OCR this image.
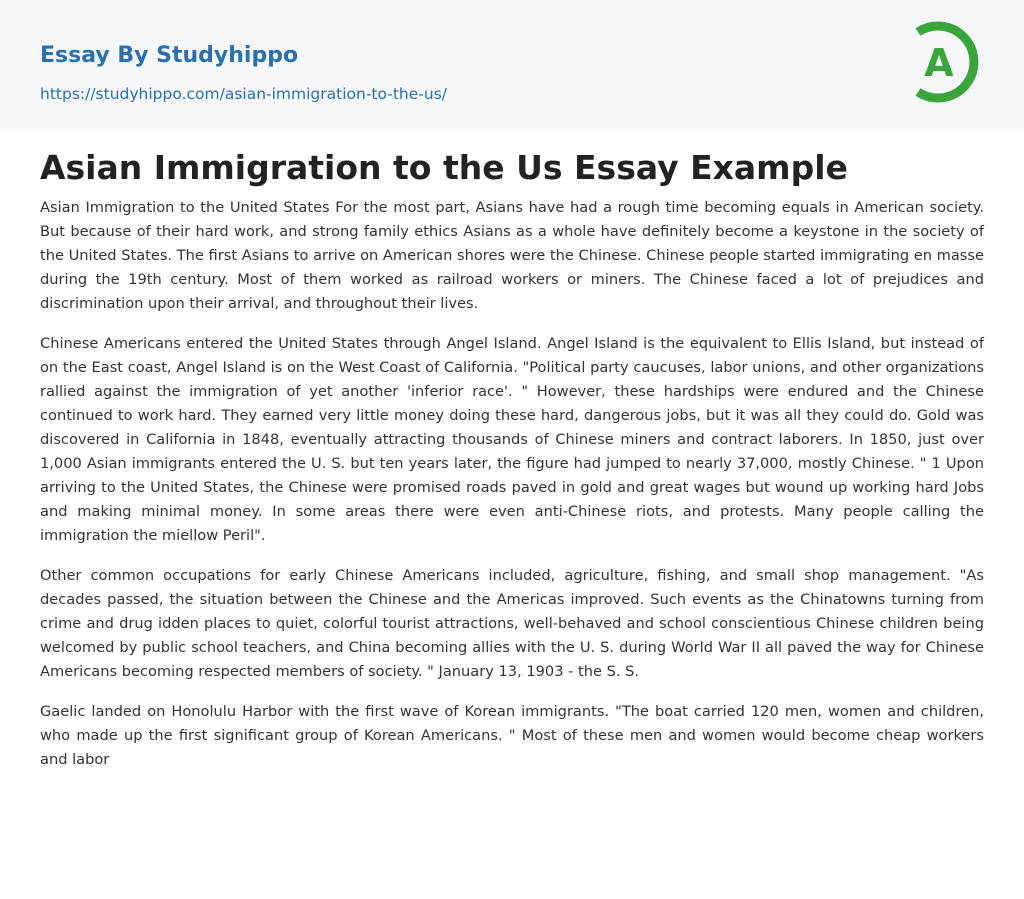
Essay By Studyhippo
https://studyhippo.com/asian-immigration-to-the-us/
A
Asian Immigration to the Us Essay Example

Asian Immigration to the United States For the most part, Asians have had a rough time becoming equals in American society. But because of their hard work, and strong family ethics Asians as a whole have definitely become a keystone in the society of the United States. The first Asians to arrive on American shores were the Chinese. Chinese people started immigrating en masse during the 19th century. Most of them worked as railroad workers or miners. The Chinese faced a lot of prejudices and discrimination upon their arrival, and throughout their lives.

Chinese Americans entered the United States through Angel Island. Angel Island is the equivalent to Ellis Island, but instead of on the East coast, Angel Island is on the West Coast of California. "Political party caucuses, labor unions, and other organizations rallied against the immigration of yet another 'inferior race'. " However, these hardships were endured and the Chinese continued to work hard. They earned very little money doing these hard, dangerous jobs, but it was all they could do. Gold was discovered in California in 1848, eventually attracting thousands of Chinese miners and contract laborers. In 1850, just over 1,000 Asian immigrants entered the U. S. but ten years later, the figure had jumped to nearly 37,000, mostly Chinese. " 1 Upon arriving to the United States, the Chinese were promised roads paved in gold and great wages but wound up working hard Jobs and making minimal money. In some areas there were even anti-Chinese riots, and protests. Many people calling the immigration the miellow Peril".

Other common occupations for early Chinese Americans included, agriculture, fishing, and small shop management. "As decades passed, the situation between the Chinese and the Americas improved. Such events as the Chinatowns turning from crime and drug idden places to quiet, colorful tourist attractions, well-behaved and school conscientious Chinese children being welcomed by public school teachers, and China becoming allies with the U. S. during World War II all paved the way for Chinese Americans becoming respected members of society. " January 13, 1903 - the S. S.

Gaelic landed on Honolulu Harbor with the first wave of Korean immigrants. "The boat carried 120 men, women and children, who made up the first significant group of Korean Americans. " Most of these men and women would become cheap workers and labor
